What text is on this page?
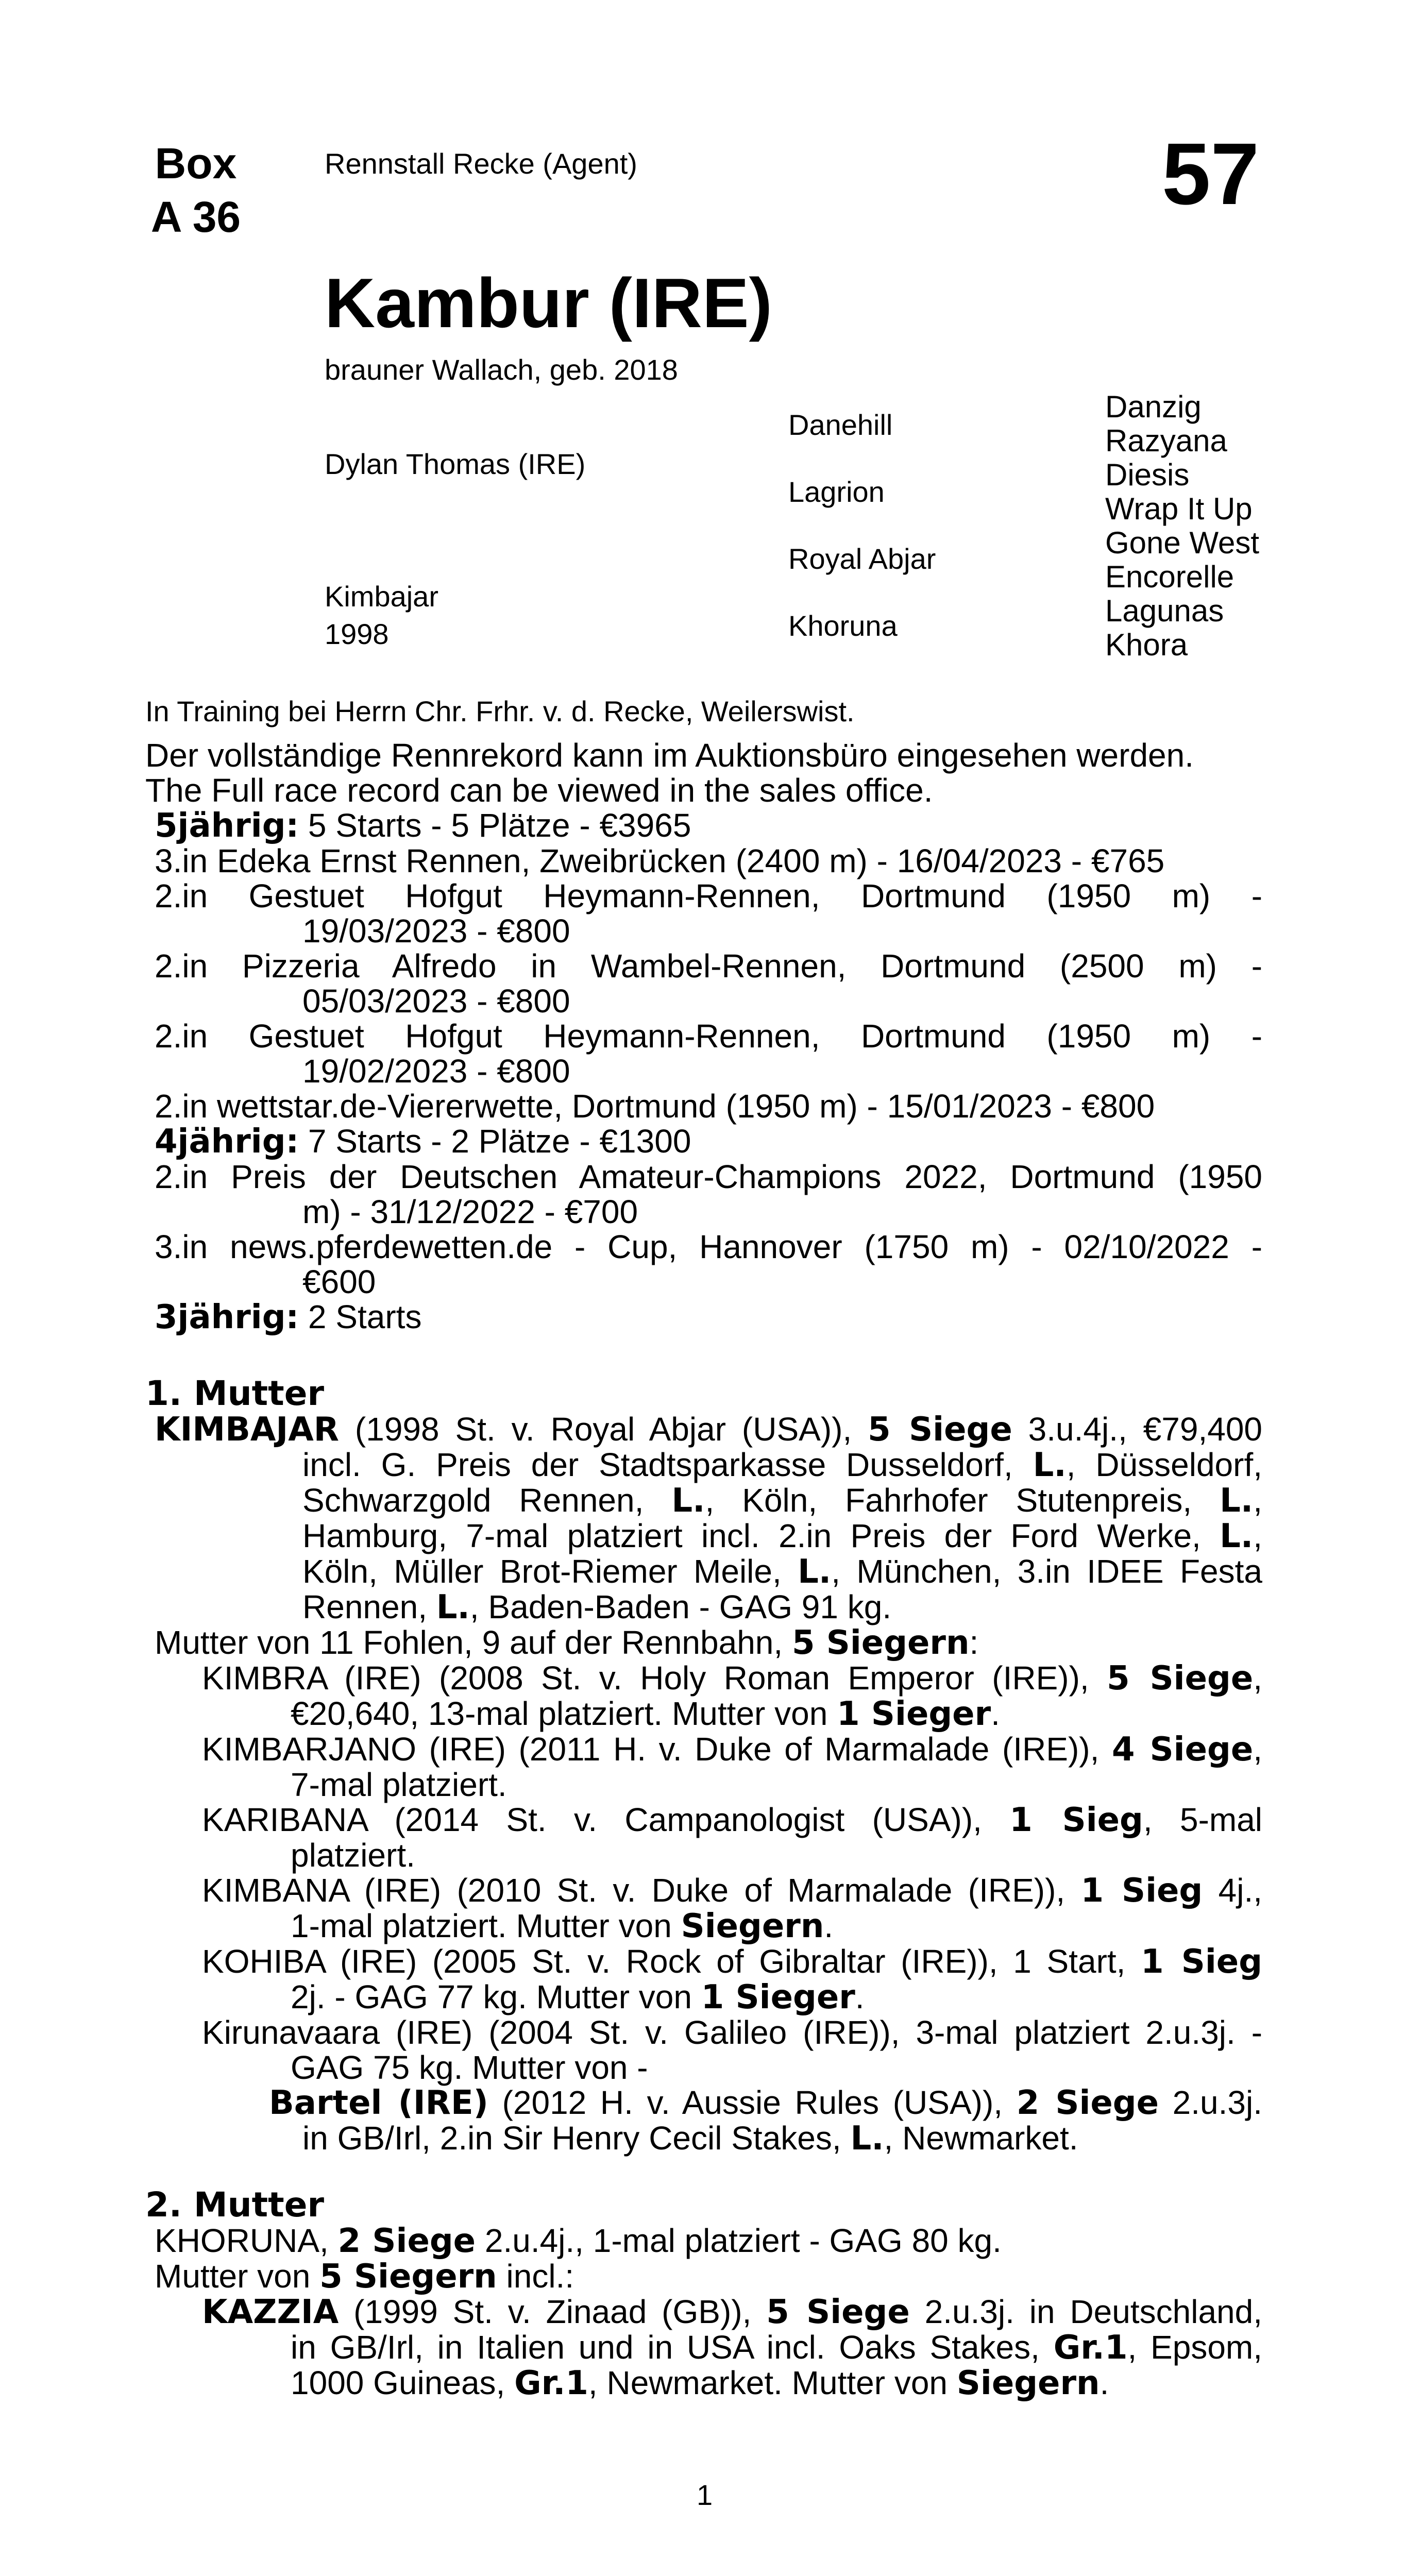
Box
A 36
Rennstall Recke (Agent)	57
Kambur (IRE)
brauner Wallach, geb. 2018
Dylan Thomas (IRE)
Kimbajar
1998
Danehill
Lagrion
Royal Abjar
Khoruna
Danzig
Razyana
Diesis
Wrap It Up
Gone West
Encorelle
Lagunas
Khora
In Training bei Herrn Chr. Frhr. v. d. Recke, Weilerswist.
Der vollständige Rennrekord kann im Auktionsbüro eingesehen werden.
The Full race record can be viewed in the sales office.
5jährig: 5 Starts - 5 Plätze - €3965
3.in Edeka Ernst Rennen, Zweibrücken (2400 m) - 16/04/2023 - €765
2.in Gestuet Hofgut Heymann-Rennen, Dortmund (1950 m) -
19/03/2023 - €800
2.in Pizzeria Alfredo in Wambel-Rennen, Dortmund (2500 m) -
05/03/2023 - €800
2.in Gestuet Hofgut Heymann-Rennen, Dortmund (1950 m) -
19/02/2023 - €800
2.in wettstar.de-Viererwette, Dortmund (1950 m) - 15/01/2023 - €800
4jährig: 7 Starts - 2 Plätze - €1300
2.in Preis der Deutschen Amateur-Champions 2022, Dortmund (1950
m) - 31/12/2022 - €700
3.in news.pferdewetten.de - Cup, Hannover (1750 m) - 02/10/2022 -
€600
3jährig: 2 Starts
1. Mutter
KIMBAJAR (1998 St. v. Royal Abjar (USA)), 5 Siege 3.u.4j., €79,400
incl. G. Preis der Stadtsparkasse Dusseldorf, L., Düsseldorf,
Schwarzgold Rennen, L., Köln, Fahrhofer Stutenpreis, L.,
Hamburg, 7-mal platziert incl. 2.in Preis der Ford Werke, L.,
Köln, Müller Brot-Riemer Meile, L., München, 3.in IDEE Festa
Rennen, L., Baden-Baden - GAG 91 kg.
Mutter von 11 Fohlen, 9 auf der Rennbahn, 5 Siegern:
KIMBRA (IRE) (2008 St. v. Holy Roman Emperor (IRE)), 5 Siege,
€20,640, 13-mal platziert. Mutter von 1 Sieger.
KIMBARJANO (IRE) (2011 H. v. Duke of Marmalade (IRE)), 4 Siege,
7-mal platziert.
KARIBANA (2014 St. v. Campanologist (USA)), 1 Sieg, 5-mal
platziert.
KIMBANA (IRE) (2010 St. v. Duke of Marmalade (IRE)), 1 Sieg 4j.,
1-mal platziert. Mutter von Siegern.
KOHIBA (IRE) (2005 St. v. Rock of Gibraltar (IRE)), 1 Start, 1 Sieg
2j. - GAG 77 kg. Mutter von 1 Sieger.
Kirunavaara (IRE) (2004 St. v. Galileo (IRE)), 3-mal platziert 2.u.3j. -
GAG 75 kg. Mutter von -
Bartel (IRE) (2012 H. v. Aussie Rules (USA)), 2 Siege 2.u.3j.
in GB/Irl, 2.in Sir Henry Cecil Stakes, L., Newmarket.
2. Mutter
KHORUNA, 2 Siege 2.u.4j., 1-mal platziert - GAG 80 kg.
Mutter von 5 Siegern incl.:
KAZZIA (1999 St. v. Zinaad (GB)), 5 Siege 2.u.3j. in Deutschland,
in GB/Irl, in Italien und in USA incl. Oaks Stakes, Gr.1, Epsom,
1000 Guineas, Gr.1, Newmarket. Mutter von Siegern.
1
